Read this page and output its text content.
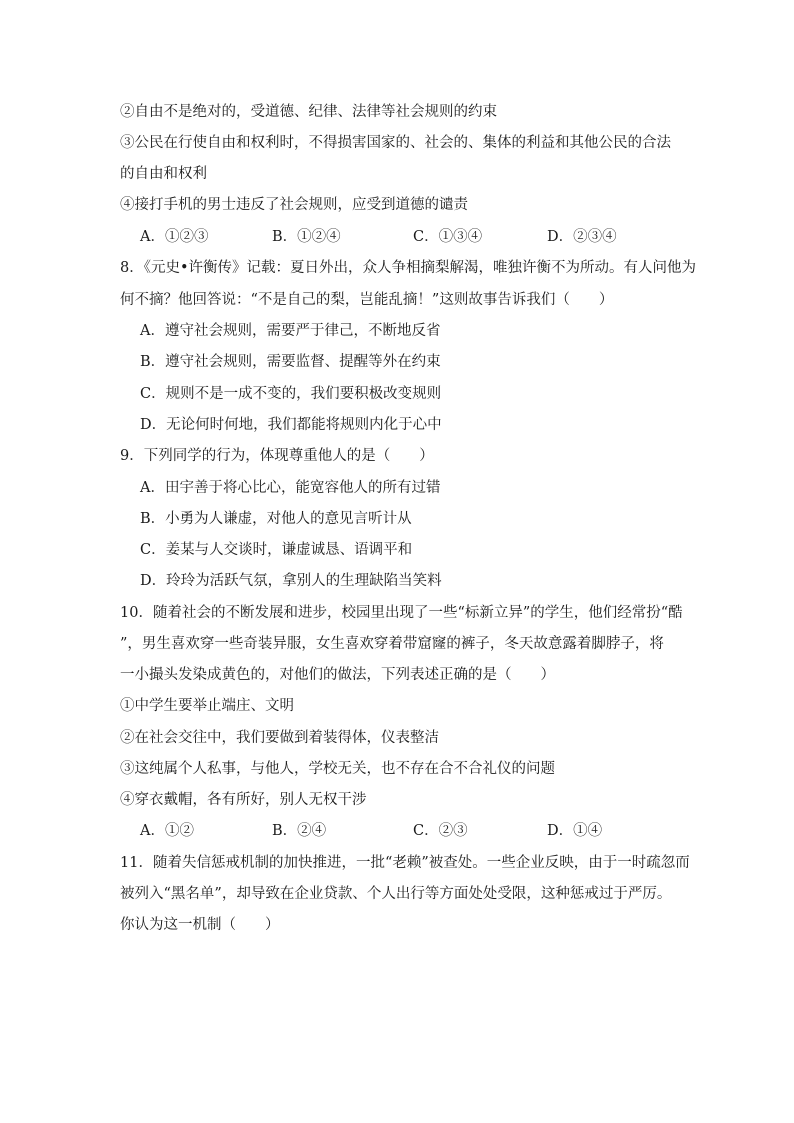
②自由不是绝对的，受道德、纪律、法律等社会规则的约束
③公民在行使自由和权利时，不得损害国家的、社会的、集体的利益和其他公民的合法
的自由和权利
④接打手机的男士违反了社会规则，应受到道德的谴责
A．①②③	B．①②④	C．①③④	D．②③④
8．《元史•许衡传》记载：夏日外出，众人争相摘梨解渴，唯独许衡不为所动。有人问他为
何不摘？他回答说：“不是自己的梨，岂能乱摘！”这则故事告诉我们（　　）
A．遵守社会规则，需要严于律己，不断地反省
B．遵守社会规则，需要监督、提醒等外在约束
C．规则不是一成不变的，我们要积极改变规则
D．无论何时何地，我们都能将规则内化于心中
9．下列同学的行为，体现尊重他人的是（　　）
A．田宇善于将心比心，能宽容他人的所有过错
B．小勇为人谦虚，对他人的意见言听计从
C．姜某与人交谈时，谦虚诚恳、语调平和
D．玲玲为活跃气氛，拿别人的生理缺陷当笑料
10．随着社会的不断发展和进步，校园里出现了一些“标新立异”的学生，他们经常扮“酷
”，男生喜欢穿一些奇装异服，女生喜欢穿着带窟窿的裤子，冬天故意露着脚脖子，将
一小撮头发染成黄色的，对他们的做法，下列表述正确的是（　　）
①中学生要举止端庄、文明
②在社会交往中，我们要做到着装得体，仪表整洁
③这纯属个人私事，与他人，学校无关，也不存在合不合礼仪的问题
④穿衣戴帽，各有所好，别人无权干涉
A．①②	B．②④	C．②③	D．①④
11．随着失信惩戒机制的加快推进，一批“老赖”被查处。一些企业反映，由于一时疏忽而
被列入“黑名单”，却导致在企业贷款、个人出行等方面处处受限，这种惩戒过于严厉。
你认为这一机制（　　）
